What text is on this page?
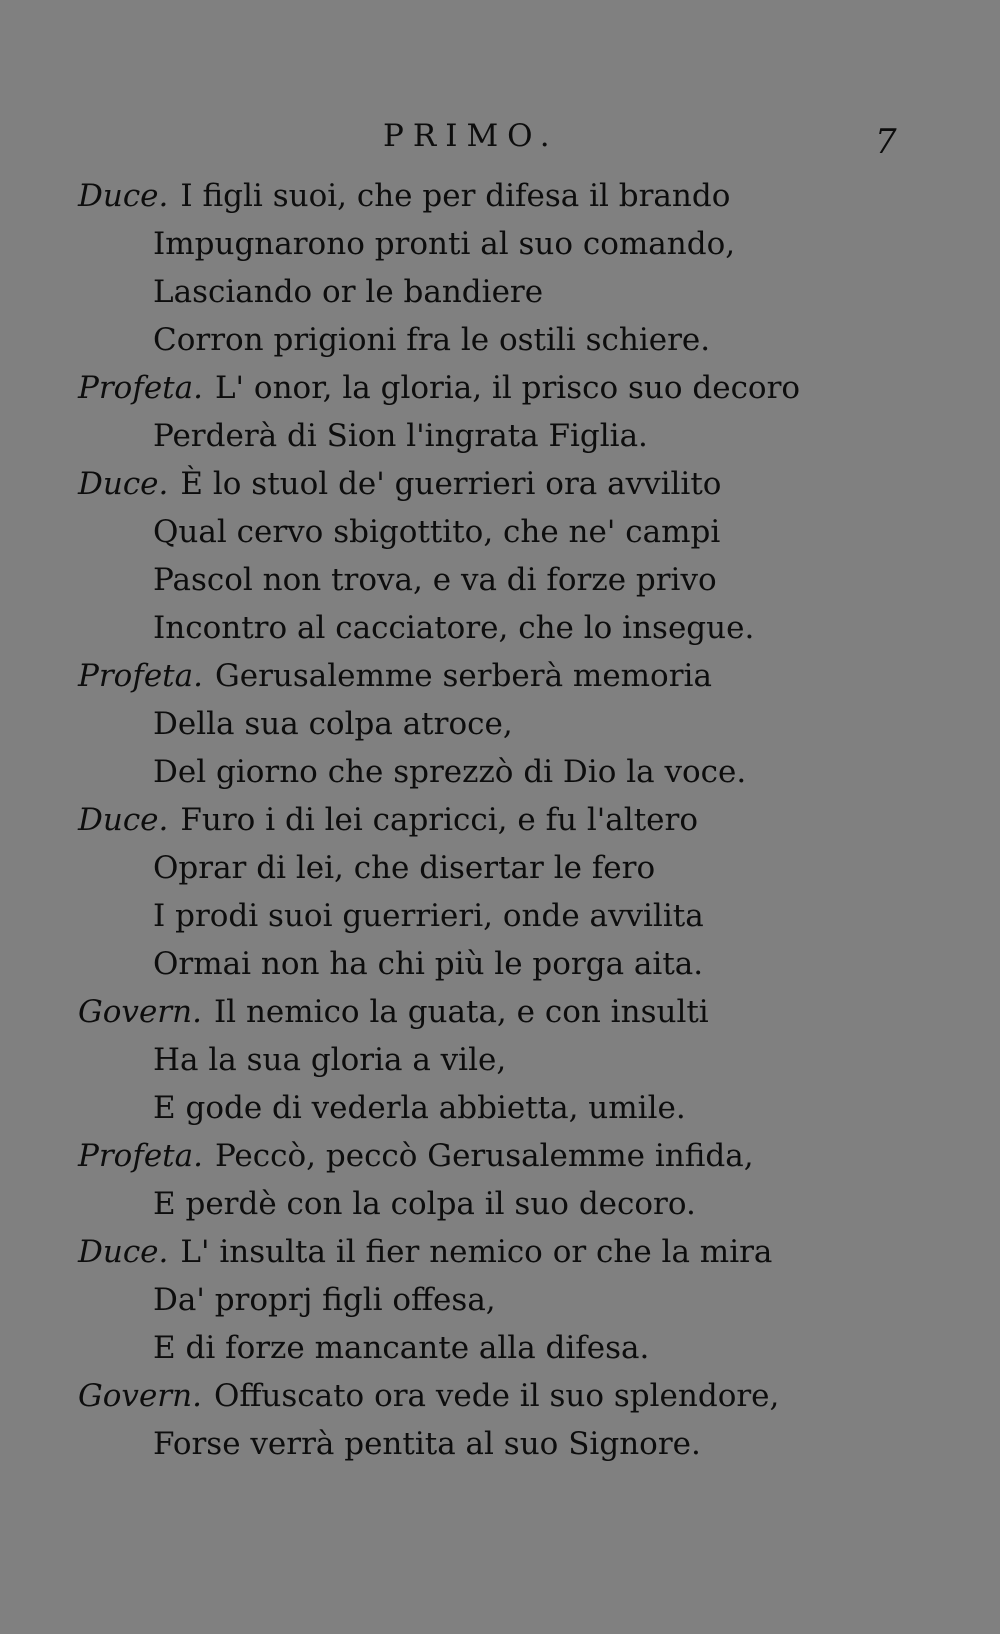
PRIMO.	7
Duce. I figli suoi, che per difesa il brando
Impugnarono pronti al suo comando,
Lasciando or le bandiere
Corron prigioni fra le ostili schiere.
Profeta. L' onor, la gloria, il prisco suo decoro
Perderà di Sion l'ingrata Figlia.
Duce. È lo stuol de' guerrieri ora avvilito
Qual cervo sbigottito, che ne' campi
Pascol non trova, e va di forze privo
Incontro al cacciatore, che lo insegue.
Profeta. Gerusalemme serberà memoria
Della sua colpa atroce,
Del giorno che sprezzò di Dio la voce.
Duce. Furo i di lei capricci, e fu l'altero
Oprar di lei, che disertar le fero
I prodi suoi guerrieri, onde avvilita
Ormai non ha chi più le porga aita.
Govern. Il nemico la guata, e con insulti
Ha la sua gloria a vile,
E gode di vederla abbietta, umile.
Profeta. Peccò, peccò Gerusalemme infida,
E perdè con la colpa il suo decoro.
Duce. L' insulta il fier nemico or che la mira
Da' proprj figli offesa,
E di forze mancante alla difesa.
Govern. Offuscato ora vede il suo splendore,
Forse verrà pentita al suo Signore.
